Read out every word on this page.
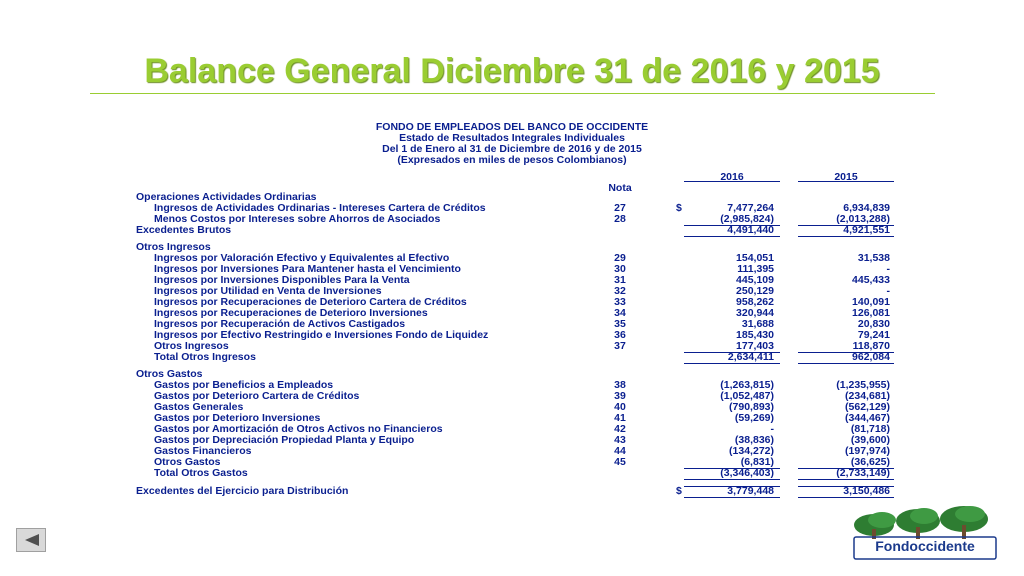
Balance General Diciembre 31 de 2016 y 2015
FONDO DE EMPLEADOS DEL BANCO DE OCCIDENTE
Estado de Resultados Integrales Individuales
Del 1 de Enero al 31 de Diciembre de 2016 y de 2015
(Expresados en miles de pesos Colombianos)
Nota
2016	2015
Operaciones Actividades Ordinarias
Ingresos de Actividades Ordinarias - Intereses Cartera de Créditos	27	$	7,477,264	6,934,839
Menos Costos por Intereses sobre Ahorros de Asociados	28	(2,985,824)	(2,013,288)
Excedentes Brutos	4,491,440	4,921,551
Otros Ingresos
Ingresos por Valoración Efectivo y Equivalentes al Efectivo	29	154,051	31,538
Ingresos por Inversiones Para Mantener hasta el Vencimiento	30	111,395	-
Ingresos por Inversiones Disponibles Para la Venta	31	445,109	445,433
Ingresos por Utilidad en Venta de Inversiones	32	250,129	-
Ingresos por Recuperaciones de Deterioro Cartera de Créditos	33	958,262	140,091
Ingresos por Recuperaciones de Deterioro Inversiones	34	320,944	126,081
Ingresos por Recuperación de Activos Castigados	35	31,688	20,830
Ingresos por Efectivo Restringido e Inversiones Fondo de Liquidez	36	185,430	79,241
Otros Ingresos	37	177,403	118,870
Total Otros Ingresos	2,634,411	962,084
Otros Gastos
Gastos por Beneficios a Empleados	38	(1,263,815)	(1,235,955)
Gastos por Deterioro Cartera de Créditos	39	(1,052,487)	(234,681)
Gastos Generales	40	(790,893)	(562,129)
Gastos por Deterioro Inversiones	41	(59,269)	(344,467)
Gastos por Amortización de Otros Activos no Financieros	42	-	(81,718)
Gastos por Depreciación Propiedad Planta y Equipo	43	(38,836)	(39,600)
Gastos Financieros	44	(134,272)	(197,974)
Otros Gastos	45	(6,831)	(36,625)
Total Otros Gastos	(3,346,403)	(2,733,149)
Excedentes del Ejercicio para Distribución	$	3,779,448	3,150,486
Fondoccidente
